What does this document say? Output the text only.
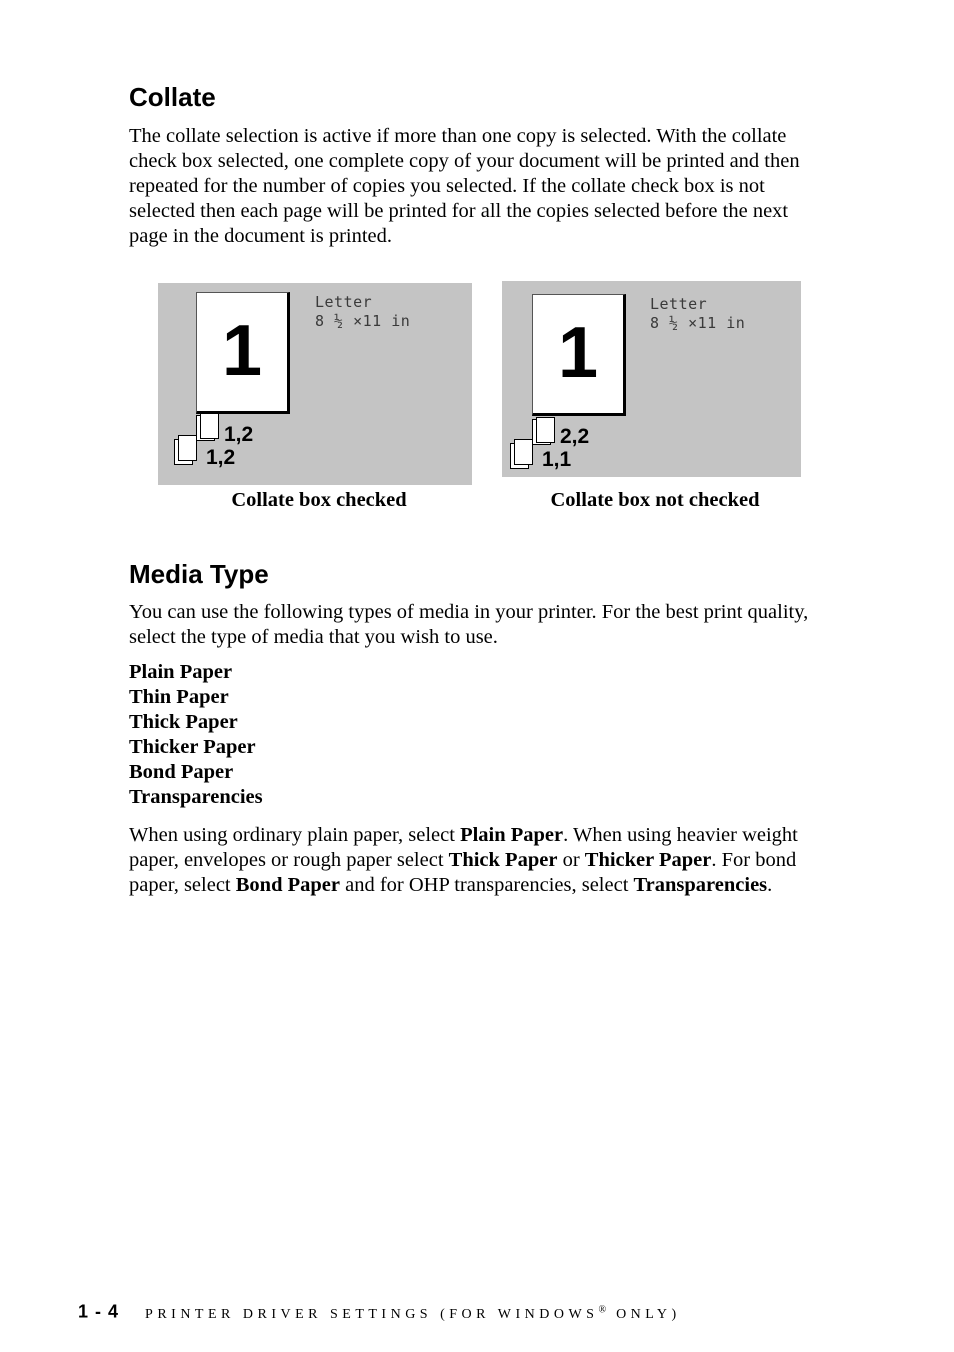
Collate

The collate selection is active if more than one copy is selected. With the collate check box selected, one complete copy of your document will be printed and then repeated for the number of copies you selected. If the collate check box is not selected then each page will be printed for all the copies selected before the next page in the document is printed.

1
Letter
8 ½ ×11 in
1,2
1,2

Collate box checked

1
Letter
8 ½ ×11 in
2,2
1,1

Collate box not checked

Media Type

You can use the following types of media in your printer. For the best print quality, select the type of media that you wish to use.

Plain Paper
Thin Paper
Thick Paper
Thicker Paper
Bond Paper
Transparencies

When using ordinary plain paper, select Plain Paper. When using heavier weight paper, envelopes or rough paper select Thick Paper or Thicker Paper. For bond paper, select Bond Paper and for OHP transparencies, select Transparencies.

1 - 4 PRINTER DRIVER SETTINGS (FOR WINDOWS® ONLY)
